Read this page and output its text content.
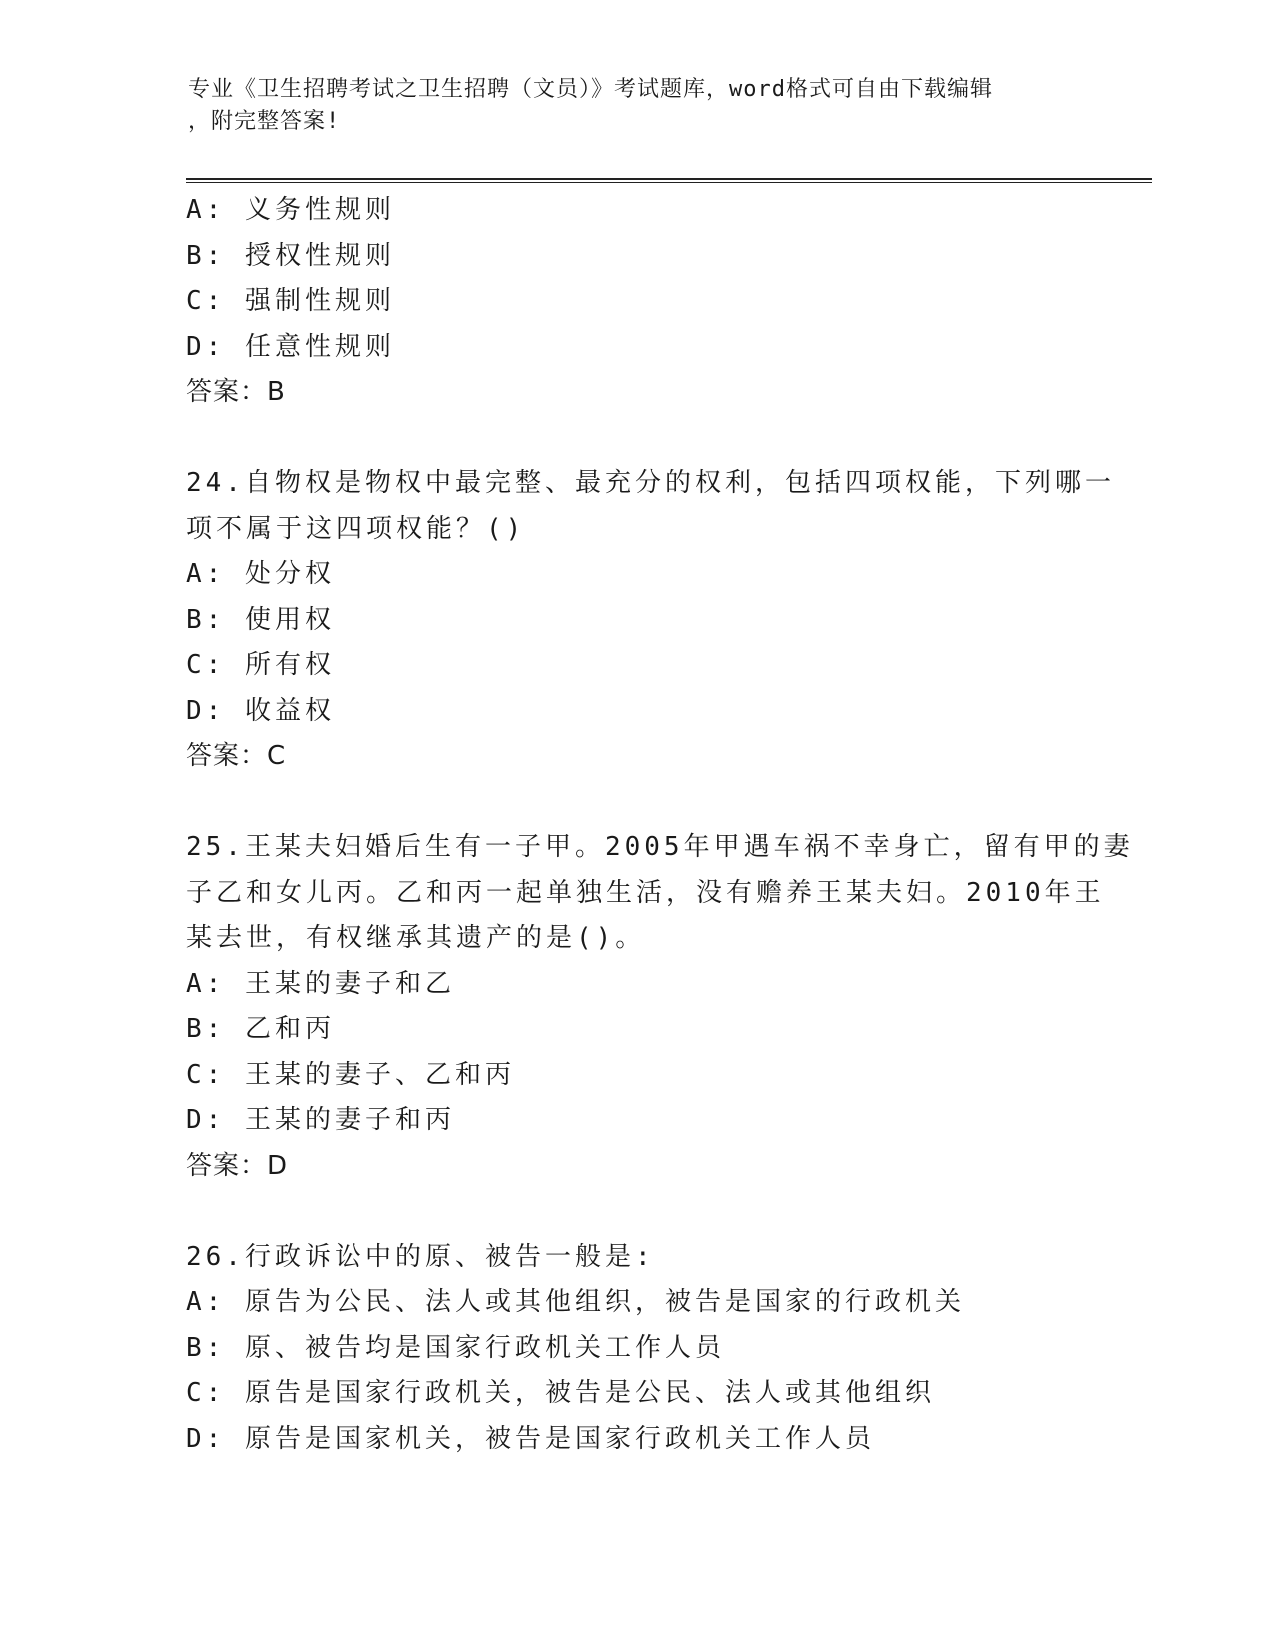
专业《卫生招聘考试之卫生招聘（文员）》考试题库，word格式可自由下载编辑
，附完整答案!
A: 义务性规则
B: 授权性规则
C: 强制性规则
D: 任意性规则
答案：B
24.自物权是物权中最完整、最充分的权利，包括四项权能，下列哪一
项不属于这四项权能？()
A: 处分权
B: 使用权
C: 所有权
D: 收益权
答案：C
25.王某夫妇婚后生有一子甲。2005年甲遇车祸不幸身亡，留有甲的妻
子乙和女儿丙。乙和丙一起单独生活，没有赡养王某夫妇。2010年王
某去世，有权继承其遗产的是()。
A: 王某的妻子和乙
B: 乙和丙
C: 王某的妻子、乙和丙
D: 王某的妻子和丙
答案：D
26.行政诉讼中的原、被告一般是:
A: 原告为公民、法人或其他组织，被告是国家的行政机关
B: 原、被告均是国家行政机关工作人员
C: 原告是国家行政机关，被告是公民、法人或其他组织
D: 原告是国家机关，被告是国家行政机关工作人员
